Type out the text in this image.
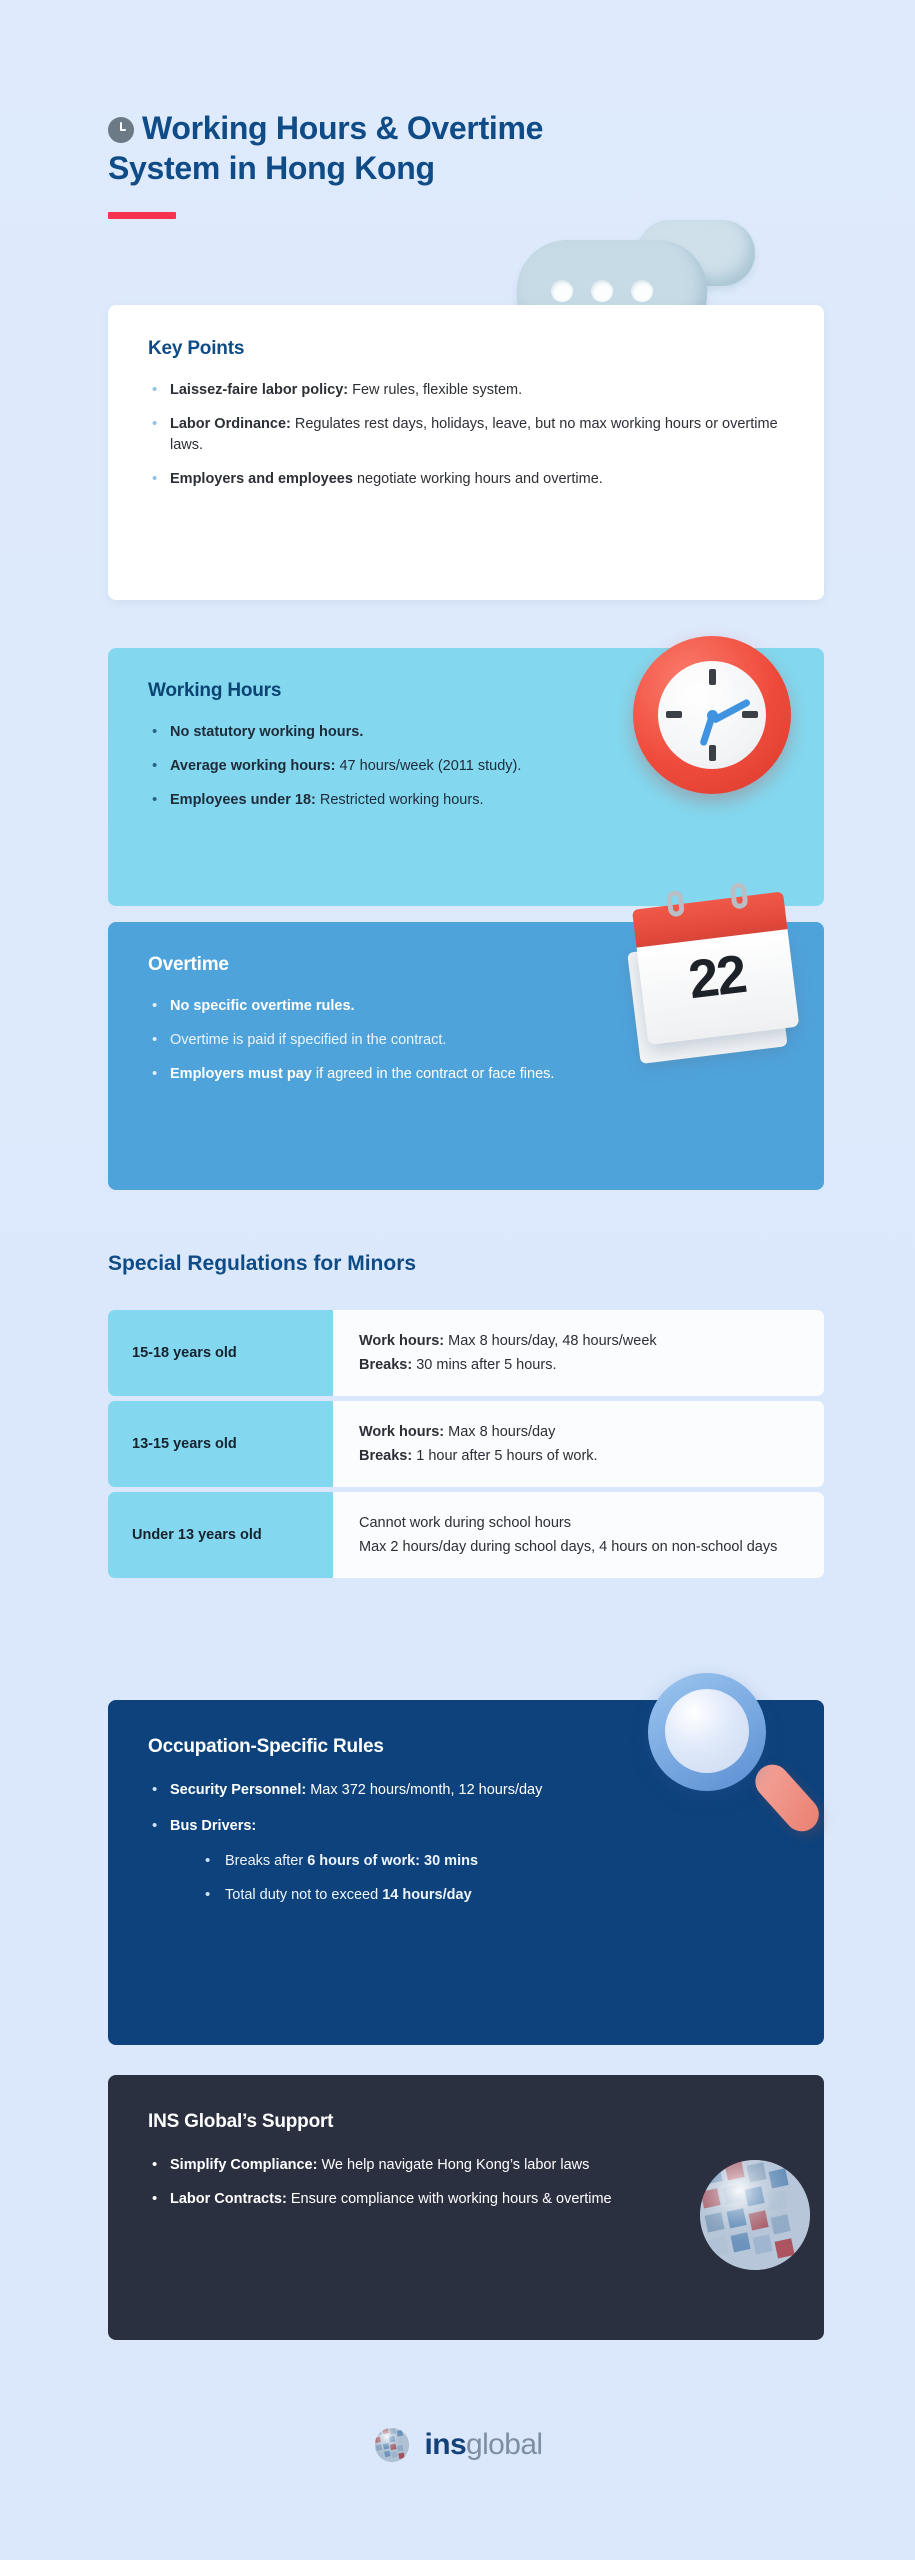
Working Hours & Overtime
System in Hong Kong
Key Points
• Laissez-faire labor policy: Few rules, flexible system.
• Labor Ordinance: Regulates rest days, holidays, leave, but no max working hours or overtime laws.
• Employers and employees negotiate working hours and overtime.
Working Hours
• No statutory working hours.
• Average working hours: 47 hours/week (2011 study).
• Employees under 18: Restricted working hours.
Overtime
• No specific overtime rules.
• Overtime is paid if specified in the contract.
• Employers must pay if agreed in the contract or face fines.
22
Special Regulations for Minors
15-18 years old

Work hours: Max 8 hours/day, 48 hours/week

Breaks: 30 mins after 5 hours.

13-15 years old

Work hours: Max 8 hours/day

Breaks: 1 hour after 5 hours of work.

Under 13 years old

Cannot work during school hours

Max 2 hours/day during school days, 4 hours on non-school days

Occupation-Specific Rules
• Security Personnel: Max 372 hours/month, 12 hours/day
• Bus Drivers:
• Breaks after 6 hours of work: 30 mins
• Total duty not to exceed 14 hours/day
INS Global’s Support
• Simplify Compliance: We help navigate Hong Kong’s labor laws
• Labor Contracts: Ensure compliance with working hours & overtime
insglobal
